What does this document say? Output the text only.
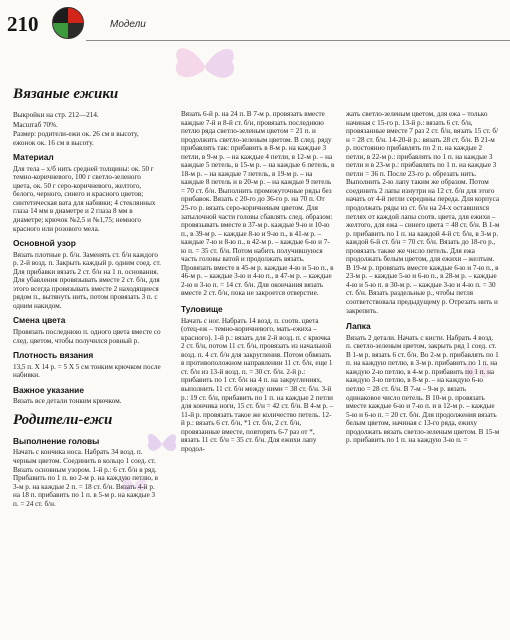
210	Модели
Вязаные ежики

Выкройки на стр. 212—214.

Масштаб 70%.

Размер: родители-ежи ок. 26 см в высоту, ежонок ок. 16 см в высоту.

Материал

Для тела – х/б нить средней толщины: ок. 50 г темно-коричневого, 100 г светло-зеленого цвета, ок. 50 г серо-коричневого, желтого, белого, черного, синего и красного цветов; синтетическая вата для набивки; 4 стеклянных глаза 14 мм в диаметре и 2 глаза 8 мм в диаметре; крючок №2,5 и №1,75; немного красного или розового мела.

Основной узор

Вязать плотные р. б/н. Заменять ст. б/н каждого р. 2-й возд. п. Закрыть каждый р. одним соед. ст. Для прибавки вязать 2 ст. б/н на 1 п. основания. Для убавления провязывать вместе 2 ст. б/н, для этого всегда провязывать вместе 2 находящиеся рядом п., вытянуть нить, потом провязать 3 п. с одним накидом.

Смена цвета

Провязать последнюю п. одного цвета вместе со след. цветом, чтобы получился ровный р.

Плотность вязания

13,5 п. Х 14 р. = 5 Х 5 см тонким крючком после набивки.

Важное указание

Вязать все детали тонким крючком.

Родители-ежи
Выполнение головы

Начать с кончика носа. Набрать 34 возд. п. черным цветом. Соединить в кольцо 1 соед. ст. Вязать основным узором. 1-й р.: 6 ст. б/н в ряд. Прибавить по 1 п. во 2-м р. на каждую петлю, в 3-м р. на каждые 2 п. = 18 ст. б/н. Вязать 4-й р. на 18 п. прибавить по 1 п. в 5-м р. на каждые 3 п. = 24 ст. б/н.

Вязать 6-й р. на 24 п. В 7-м р. провязать вместе каждые 7-й и 8-й ст. б/н, провязать последнюю петлю ряда светло-зеленым цветом = 21 п. и продолжить светло-зеленым цветом. В след. ряду прибавлять так: прибавить в 8-м р. на каждые 3 петли, в 9-м р. – на каждые 4 петли, в 12-м р. – на каждые 5 петель, в 15-м р. – на каждые 6 петель, в 18-м р. – на каждые 7 петель, в 19-м р. – на каждые 8 петель и в 20-м р. – на каждые 9 петель = 70 ст. б/н. Выполнить промежуточные ряды без прибавок. Вязать с 20-го до 36-го р. на 70 п. От 25-го р. вязать серо-коричневым цветом. Для затылочной части головы сбавлять след. образом: провязывать вместе в 37-м р. каждые 9-ю и 10-ю п., в 39-м р. – каждые 8-ю и 9-ю п., в 41-м р. – каждые 7-ю и 8-ю п., в 42-м р. – каждые 6-ю и 7-ю п. = 35 ст. б/н. Потом набить получившуюся часть головы ватой и продолжать вязать. Провязать вместе в 45-м р. каждые 4-ю и 5-ю п., в 46-м р. – каждые 3-ю и 4-ю п., в 47-м р. – каждые 2-ю и 3-ю п. = 14 ст. б/н. Для окончания вязать вместе 2 ст. б/н, пока не закроется отверстие.

Туловище

Начать с ног. Набрать 14 возд. п. соотв. цвета (отец-еж – темно-коричневого, мать-ежиха – красного). 1-й р.: вязать для 2-й возд. п. с крючка 2 ст. б/н, потом 11 ст. б/н, провязать из начальной возд. п. 4 ст. б/н для закругления. Потом обвязать в противоположном направлении 11 ст. б/н, еще 1 ст. б/н из 13-й возд. п. = 30 ст. б/н. 2-й р.: прибавить по 1 ст. б/н на 4 п. на закруглениях, выполнить 11 ст. б/н между ними = 38 ст. б/н. 3-й р.: 19 ст. б/н, прибавить по 1 п. на каждые 2 петли для кончика ноги, 15 ст. б/н = 42 ст. б/н. В 4-м р. – 11-й р. провязать такое же количество петель. 12-й р.: вязать 6 ст. б/н, *1 ст. б/н, 2 ст. б/н, провязанные вместе, повторять 6-7 раз от *, вязать 11 ст. б/н = 35 ст. б/н. Для ежихи лапу продол-

жать светло-зеленым цветом, для ежа – только начиная с 15-го р. 13-й р.: вязать 6 ст. б/н, провязанные вместе 7 раз 2 ст. б/н, вязать 15 ст. б/н = 28 ст. б/н. 14-20-й р.: вязать 28 ст. б/н. В 21-м р. постоянно прибавлять по 2 п. на каждые 2 петли, в 22-м р.: прибавлять по 1 п. на каждые 3 петли и в 23-м р.: прибавлять по 1 п. на каждые 3 петли = 36 п. После 23-го р. обрезать нить. Выполнить 2-ю лапу таким же образом. Потом соединить 2 лапы изнутри на 12 ст. б/н для этого начать от 4-й петли середины переда. Для корпуса продолжать ряды из ст. б/н на 24-х оставшихся петлях от каждой лапы соотв. цвета, для ежихи – желтого, для ежа – синего цвета = 48 ст. б/н. В 1-м р. прибавить по 1 п. на каждой 4-й ст. б/н, в 3-м р. каждой 6-й ст. б/н = 70 ст. б/н. Вязать до 18-го р., провязать также же число петель. Для ежа продолжать белым цветом, для ежихи – желтым. В 19-м р. провязать вместе каждые 6-ю и 7-ю п., в 23-м р. – каждые 5-ю и 6-ю п., в 28-м р. – каждые 4-ю и 5-ю п. в 30-м р. – каждые 3-ю и 4-ю п. = 30 ст. б/н. Вязать раздельные р., чтобы петля соответствовала предыдущему р. Отрезать нить и закрепить.

Лапка

Вязать 2 детали. Начать с кисти. Набрать 4 возд. п. светло-зеленым цветом, закрыть ряд 1 соед. ст. В 1-м р. вязать 6 ст. б/н. Во 2-м р. прибавлять по 1 п. на каждую петлю, в 3-м р. прибавить по 1 п. на каждую 2-ю петлю, в 4-м р. прибавить по 1 п. на каждую 3-ю петлю, в 8-м р. – на каждую 6-ю петлю = 28 ст. б/н. В 7-м – 9-м р. вязать одинаковое число петель. В 10-м р. провязать вместе каждые 6-ю и 7-ю п. и в 12-м р. – каждые 5-ю и 6-ю п. = 20 ст. б/н. Для продолжения вязать белым цветом, начиная с 13-го ряда, ежиху продолжать вязать светло-зеленым цветом. В 15-м р. прибавить по 1 п. на каждую 3-ю п. =
